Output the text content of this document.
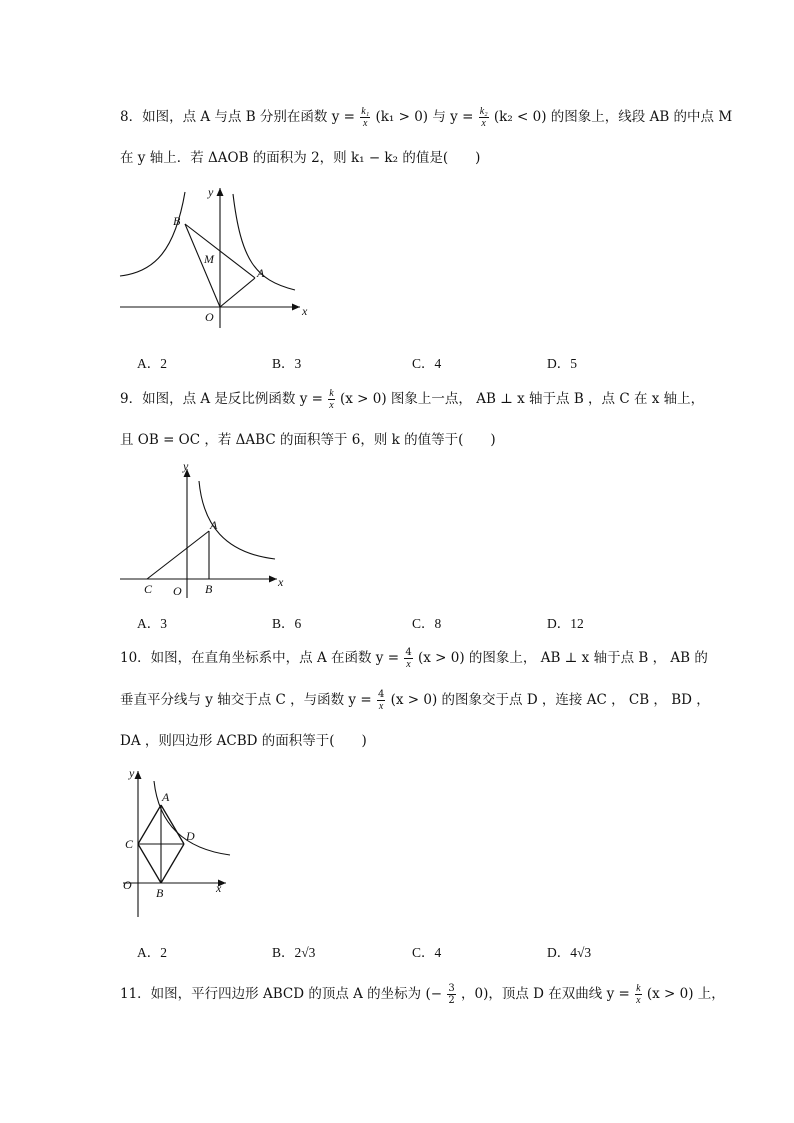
8．如图，点 A 与点 B 分别在函数 $y = \frac{\text{k₁}}{x} (k_1 > 0)$ 与 $y = \frac{\text{k₂}}{x} (k_2 < 0)$ 的图象上，线段 AB 的中点 M
在 y 轴上．若 ΔAOB 的面积为 2，则 k₁ − k₂ 的值是(　　)
B
M
A
O	x
y
A．2	B．3	C．4	D．5
9．如图，点 A 是反比例函数 $y = \frac{k}{x} (x > 0)$ 图象上一点， AB ⊥ x 轴于点 B ，点 C 在 x 轴上，
且 OB = OC ，若 ΔABC 的面积等于 6，则 k 的值等于(　　)
A
B
C O
x
y
A．3	B．6	C．8	D．12
10．如图，在直角坐标系中，点 A 在函数 $y = \frac{4}{x} (x > 0)$ 的图象上， AB ⊥ x 轴于点 B ， AB 的
垂直平分线与 y 轴交于点 C ，与函数 $y = \frac{4}{x} (x > 0)$ 的图象交于点 D ，连接 AC ， CB ， BD ，
DA ，则四边形 ACBD 的面积等于(　　)
A
B
C
D
O	x
y
A．2	B．2√3	C．4	D．4√3
11．如图，平行四边形 ABCD 的顶点 A 的坐标为 (− $\frac{3}{2}$ ，0)，顶点 D 在双曲线 $y = \frac{k}{x} (x > 0)$ 上，
